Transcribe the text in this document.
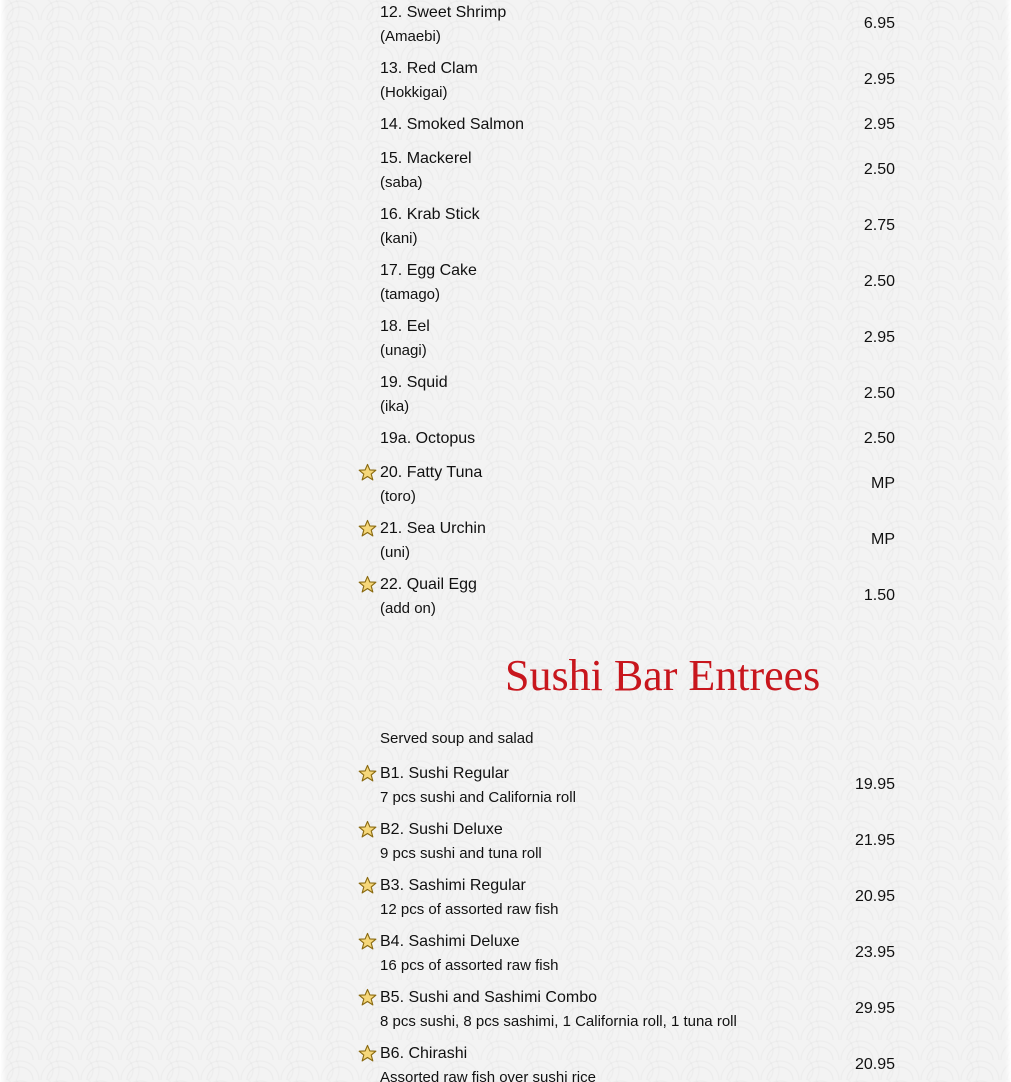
12. Sweet Shrimp
(Amaebi)
6.95
13. Red Clam
(Hokkigai)
2.95
14. Smoked Salmon	2.95
15. Mackerel
(saba)
2.50
16. Krab Stick
(kani)
2.75
17. Egg Cake
(tamago)
2.50
18. Eel
(unagi)
2.95
19. Squid
(ika)
2.50
19a. Octopus	2.50
20. Fatty Tuna
(toro)
MP
21. Sea Urchin
(uni)
MP
22. Quail Egg
(add on)
1.50
Sushi Bar Entrees
Served soup and salad
B1. Sushi Regular
7 pcs sushi and California roll
19.95
B2. Sushi Deluxe
9 pcs sushi and tuna roll
21.95
B3. Sashimi Regular
12 pcs of assorted raw fish
20.95
B4. Sashimi Deluxe
16 pcs of assorted raw fish
23.95
B5. Sushi and Sashimi Combo
8 pcs sushi, 8 pcs sashimi, 1 California roll, 1 tuna roll
29.95
B6. Chirashi
Assorted raw fish over sushi rice
20.95
